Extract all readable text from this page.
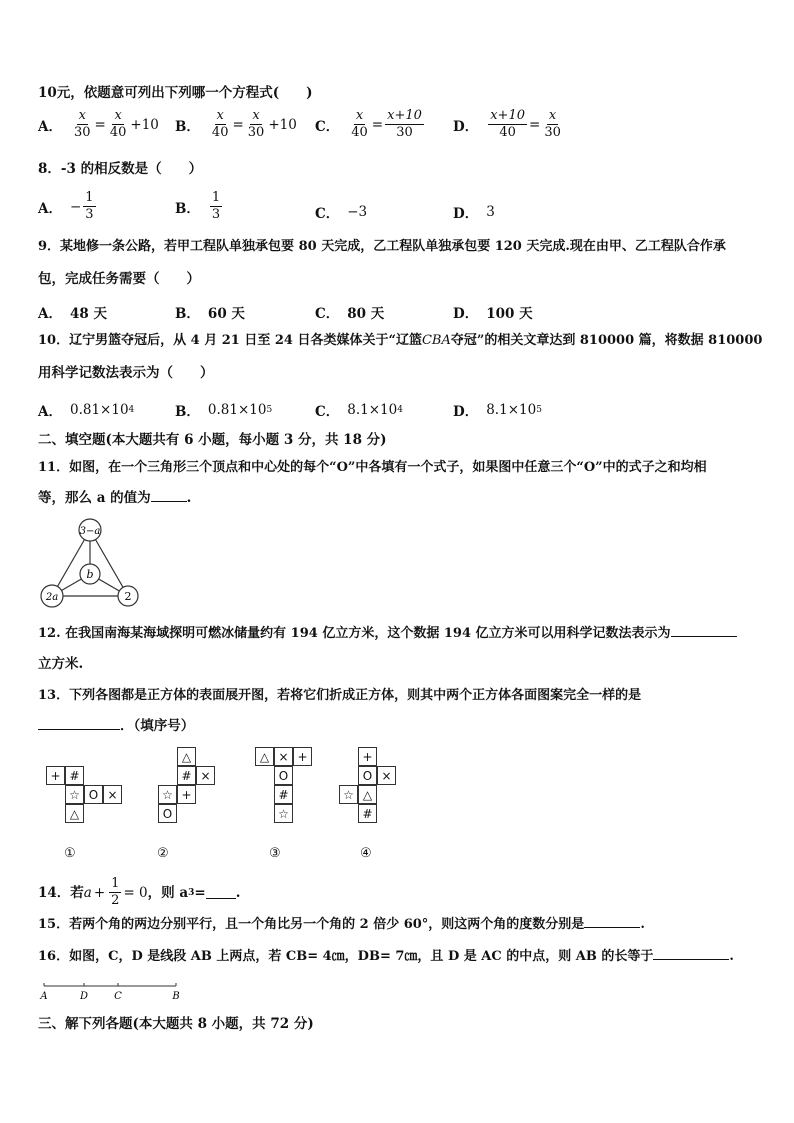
10元，依题意可列出下列哪一个方程式(　　)
A． $\frac{x}{30} = \frac{x}{40} +10$ B． $\frac{x}{40} = \frac{x}{30} +10$ C． $\frac{x}{40} = \frac{x+10}{30}$ D． $\frac{x+10}{40} = \frac{x}{30}$
8．-3 的相反数是（　　）
A． − $\frac{1}{3}$	B． $\frac{1}{3}$	C． −3	D． 3
9．某地修一条公路，若甲工程队单独承包要 80 天完成，乙工程队单独承包要 120 天完成.现在由甲、乙工程队合作承
包，完成任务需要（　　）
A． 48 天	B． 60 天	C． 80 天	D． 100 天
10．辽宁男篮夺冠后，从 4 月 21 日至 24 日各类媒体关于“辽篮CBA夺冠”的相关文章达到 810000 篇，将数据 810000
用科学记数法表示为（　　）
A． 0.81×10 4	B． 0.81×10 5	C． 8.1×10 4	D． 8.1×10 5
二、填空题(本大题共有 6 小题，每小题 3 分，共 18 分)
11．如图，在一个三角形三个顶点和中心处的每个“O”中各填有一个式子，如果图中任意三个“O”中的式子之和均相
等，那么 a 的值为	.
3−a
b
2a	2
12. 在我国南海某海域探明可燃冰储量约有 194 亿立方米，这个数据 194 亿立方米可以用科学记数法表示为
立方米.
13．下列各图都是正方体的表面展开图，若将它们折成正方体，则其中两个正方体各面图案完全一样的是
．（填序号）
+ #
☆ O ×
△
△
# ×
☆ +
O
△ × +
O
#
☆
+
O ×
☆ △
#
①	②	③	④
14．若 $a + \frac{1}{2} = 0$ ，则 a 3 = .
15．若两个角的两边分别平行，且一个角比另一个角的 2 倍少 60°，则这两个角的度数分别是	.
16．如图，C，D 是线段 AB 上两点，若 CB= 4㎝，DB= 7㎝，且 D 是 AC 的中点，则 AB 的长等于	.
A	D	C	B
三、解下列各题(本大题共 8 小题，共 72 分)
